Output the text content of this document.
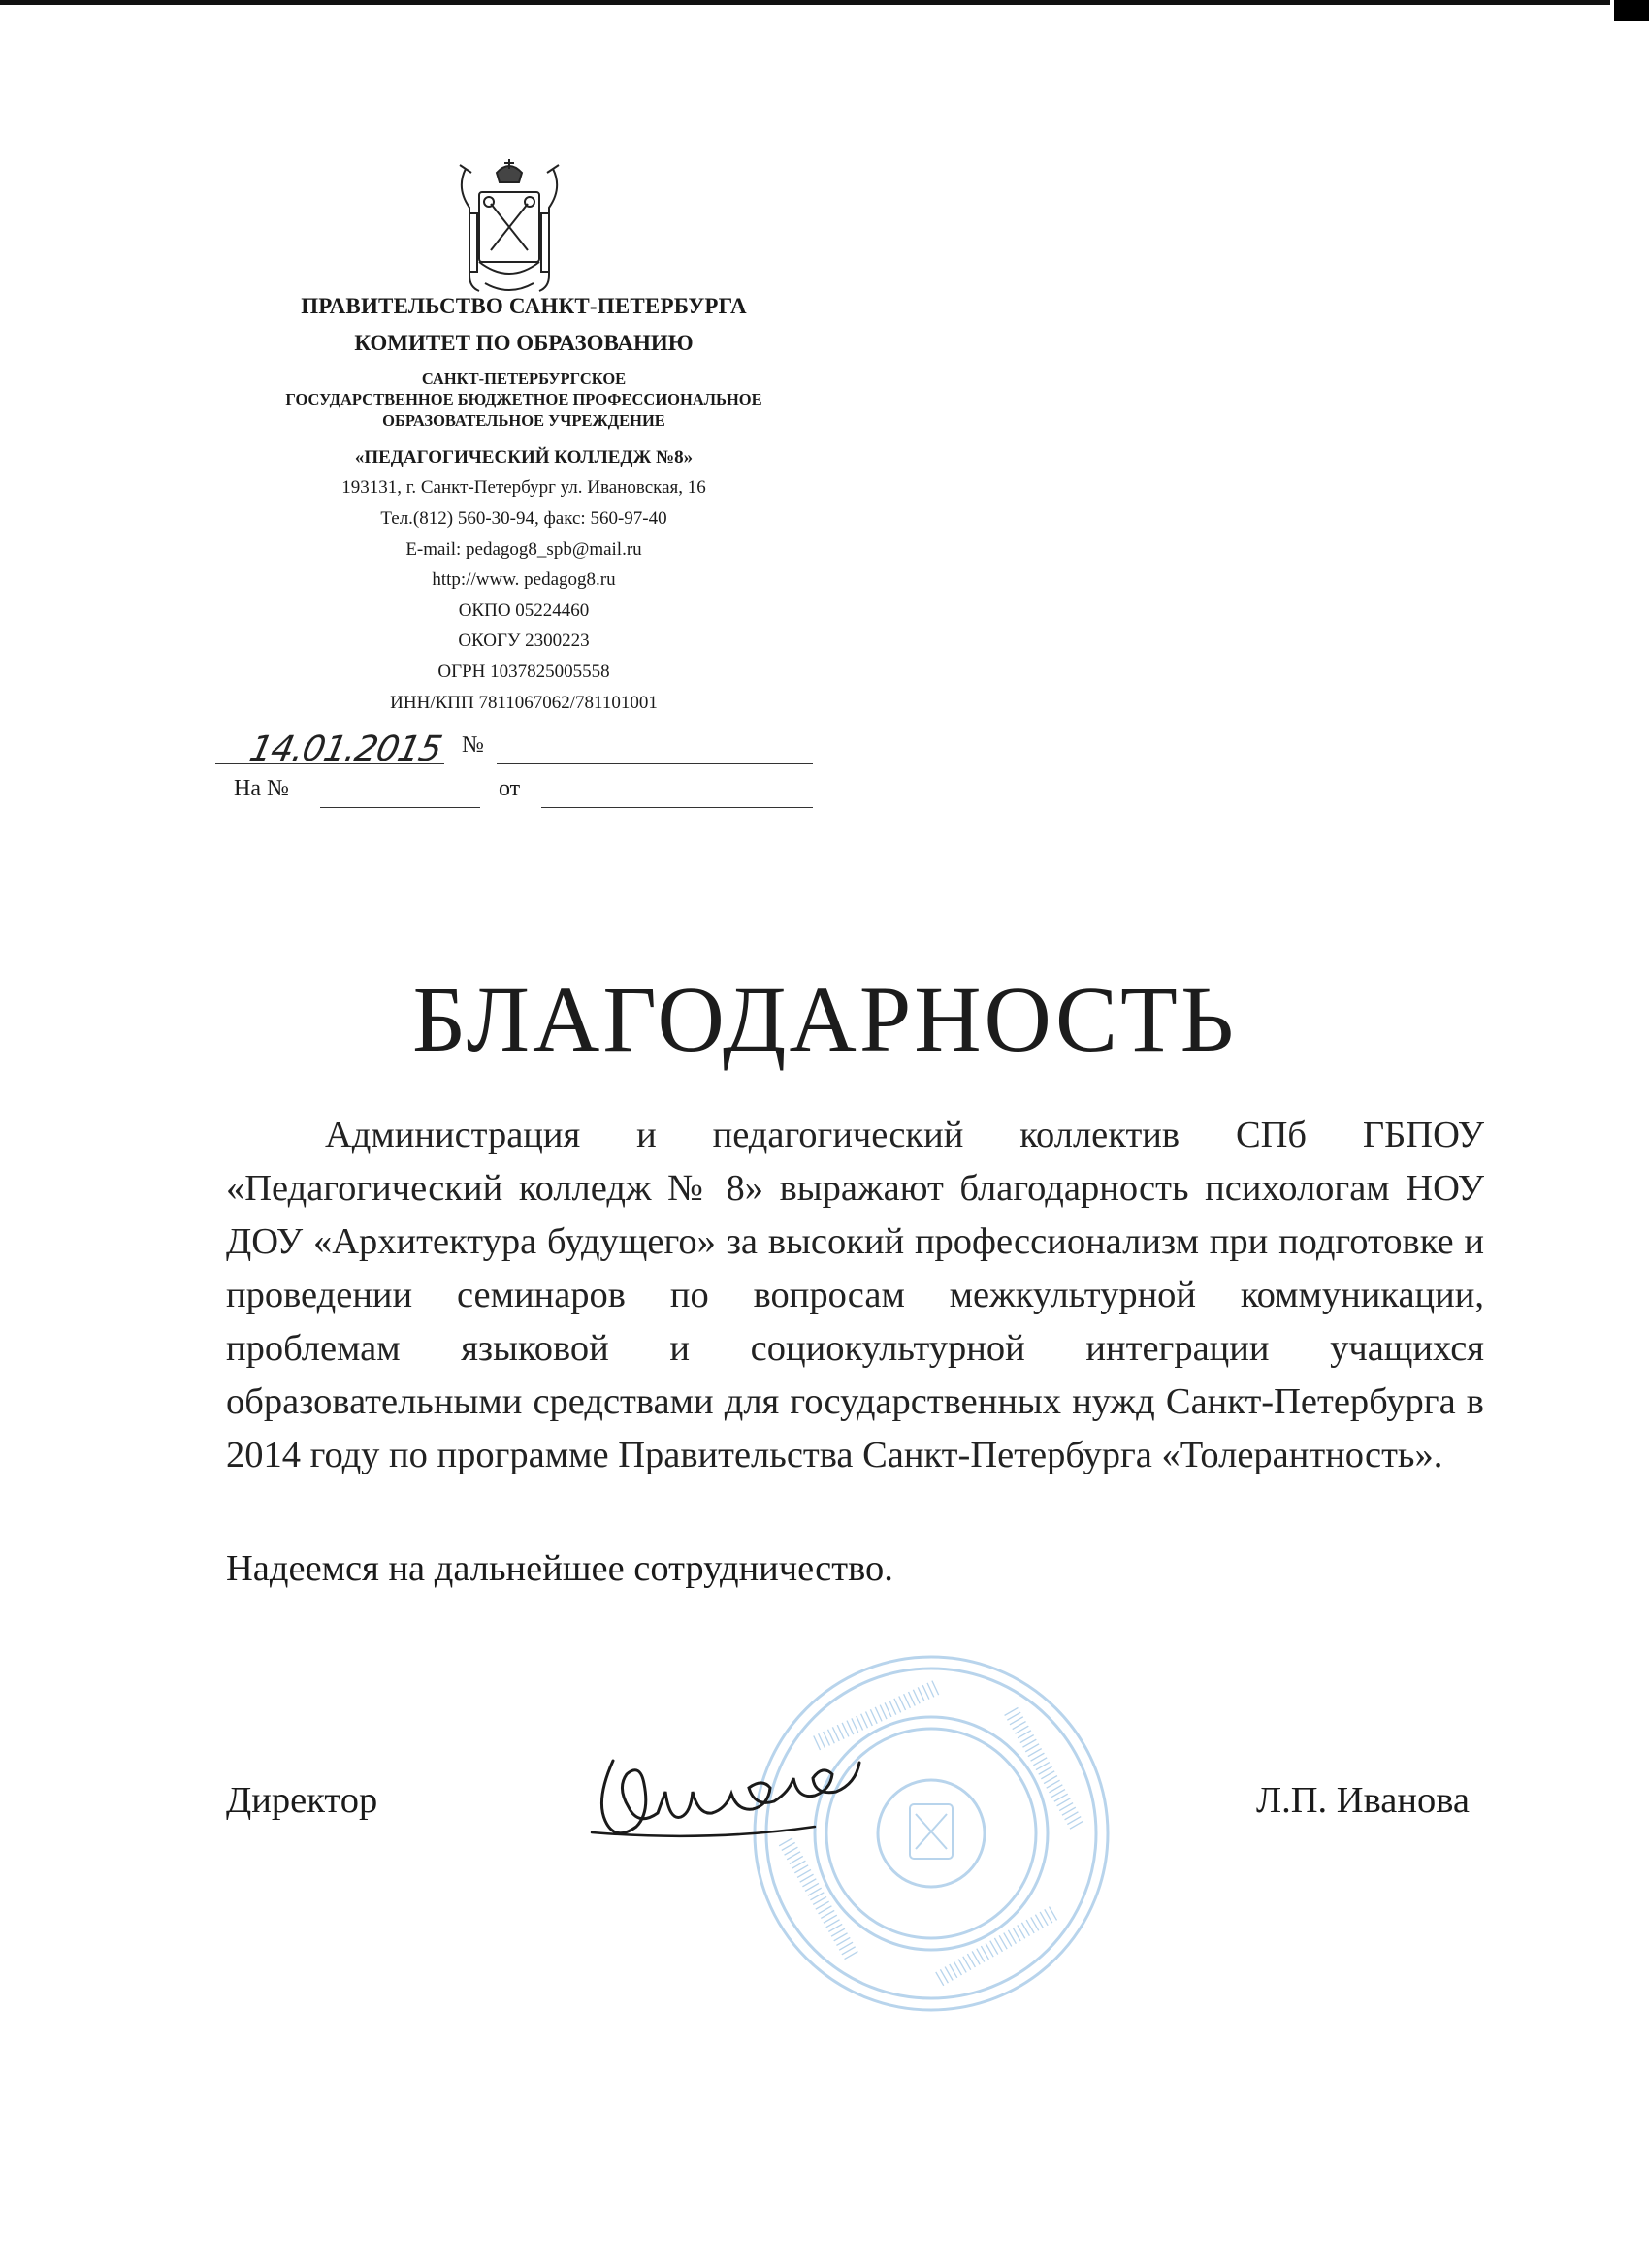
ПРАВИТЕЛЬСТВО САНКТ-ПЕТЕРБУРГА
КОМИТЕТ ПО ОБРАЗОВАНИЮ
САНКТ-ПЕТЕРБУРГСКОЕ
ГОСУДАРСТВЕННОЕ БЮДЖЕТНОЕ ПРОФЕССИОНАЛЬНОЕ
ОБРАЗОВАТЕЛЬНОЕ УЧРЕЖДЕНИЕ
«ПЕДАГОГИЧЕСКИЙ КОЛЛЕДЖ №8»
193131, г. Санкт-Петербург ул. Ивановская, 16
Тел.(812) 560-30-94, факс: 560-97-40
E-mail: pedagog8_spb@mail.ru
http://www. pedagog8.ru
ОКПО 05224460
ОКОГУ 2300223
ОГРН 1037825005558
ИНН/КПП 7811067062/781101001
14.01.2015 №
На №	от
БЛАГОДАРНОСТЬ

Администрация и педагогический коллектив СПб ГБПОУ «Педагогический колледж № 8» выражают благодарность психологам НОУ ДОУ «Архитектура будущего» за высокий профессионализм при подготовке и проведении семинаров по вопросам межкультурной коммуникации, проблемам языковой и социокультурной интеграции учащихся образовательными средствами для государственных нужд Санкт-Петербурга в 2014 году по программе Правительства Санкт-Петербурга «Толерантность».

Надеемся на дальнейшее сотрудничество.
||||||||||||||||||||||||||	||||||||||||||||||||||||||
||||||||||||||||||||||||||
||||||||||||||||||||||||||
Директор	Л.П. Иванова
